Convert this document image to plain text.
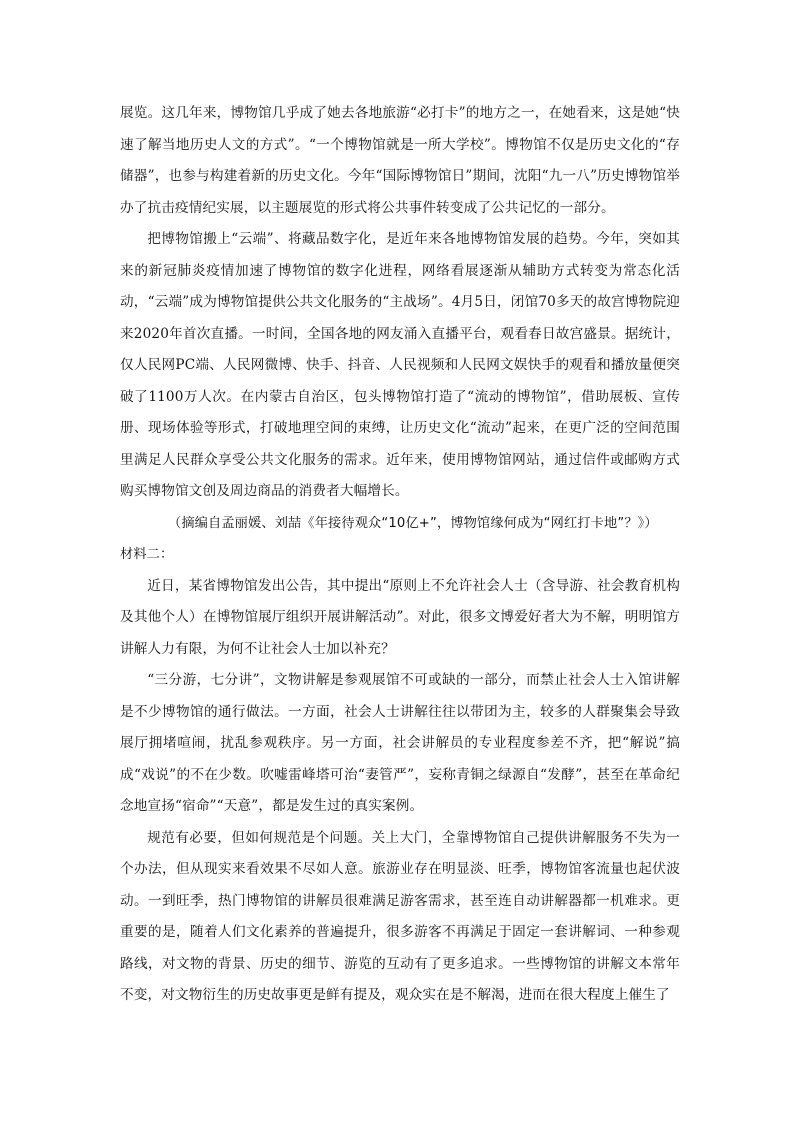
展览。这几年来，博物馆几乎成了她去各地旅游“必打卡”的地方之一，在她看来，这是她“快速了解当地历史人文的方式”。“一个博物馆就是一所大学校”。博物馆不仅是历史文化的“存储器”，也参与构建着新的历史文化。今年“国际博物馆日”期间，沈阳“九一八”历史博物馆举办了抗击疫情纪实展，以主题展览的形式将公共事件转变成了公共记忆的一部分。

把博物馆搬上“云端”、将藏品数字化，是近年来各地博物馆发展的趋势。今年，突如其来的新冠肺炎疫情加速了博物馆的数字化进程，网络看展逐渐从辅助方式转变为常态化活动，“云端”成为博物馆提供公共文化服务的“主战场”。4月5日，闭馆70多天的故宫博物院迎来2020年首次直播。一时间，全国各地的网友涌入直播平台，观看春日故宫盛景。据统计，仅人民网PC端、人民网微博、快手、抖音、人民视频和人民网文娱快手的观看和播放量便突破了1100万人次。在内蒙古自治区，包头博物馆打造了“流动的博物馆”，借助展板、宣传册、现场体验等形式，打破地理空间的束缚，让历史文化“流动”起来，在更广泛的空间范围里满足人民群众享受公共文化服务的需求。近年来，使用博物馆网站，通过信件或邮购方式购买博物馆文创及周边商品的消费者大幅增长。

（摘编自孟丽媛、刘喆《年接待观众“10亿+”，博物馆缘何成为“网红打卡地”？》）

材料二：

近日，某省博物馆发出公告，其中提出“原则上不允许社会人士（含导游、社会教育机构及其他个人）在博物馆展厅组织开展讲解活动”。对此，很多文博爱好者大为不解，明明馆方讲解人力有限，为何不让社会人士加以补充？

“三分游，七分讲”，文物讲解是参观展馆不可或缺的一部分，而禁止社会人士入馆讲解是不少博物馆的通行做法。一方面，社会人士讲解往往以带团为主，较多的人群聚集会导致展厅拥堵喧闹，扰乱参观秩序。另一方面，社会讲解员的专业程度参差不齐，把“解说”搞成“戏说”的不在少数。吹嘘雷峰塔可治“妻管严”，妄称青铜之绿源自“发酵”，甚至在革命纪念地宣扬“宿命”“天意”，都是发生过的真实案例。

规范有必要，但如何规范是个问题。关上大门，全靠博物馆自己提供讲解服务不失为一个办法，但从现实来看效果不尽如人意。旅游业存在明显淡、旺季，博物馆客流量也起伏波动。一到旺季，热门博物馆的讲解员很难满足游客需求，甚至连自动讲解器都一机难求。更重要的是，随着人们文化素养的普遍提升，很多游客不再满足于固定一套讲解词、一种参观路线，对文物的背景、历史的细节、游览的互动有了更多追求。一些博物馆的讲解文本常年不变，对文物衍生的历史故事更是鲜有提及，观众实在是不解渴，进而在很大程度上催生了
